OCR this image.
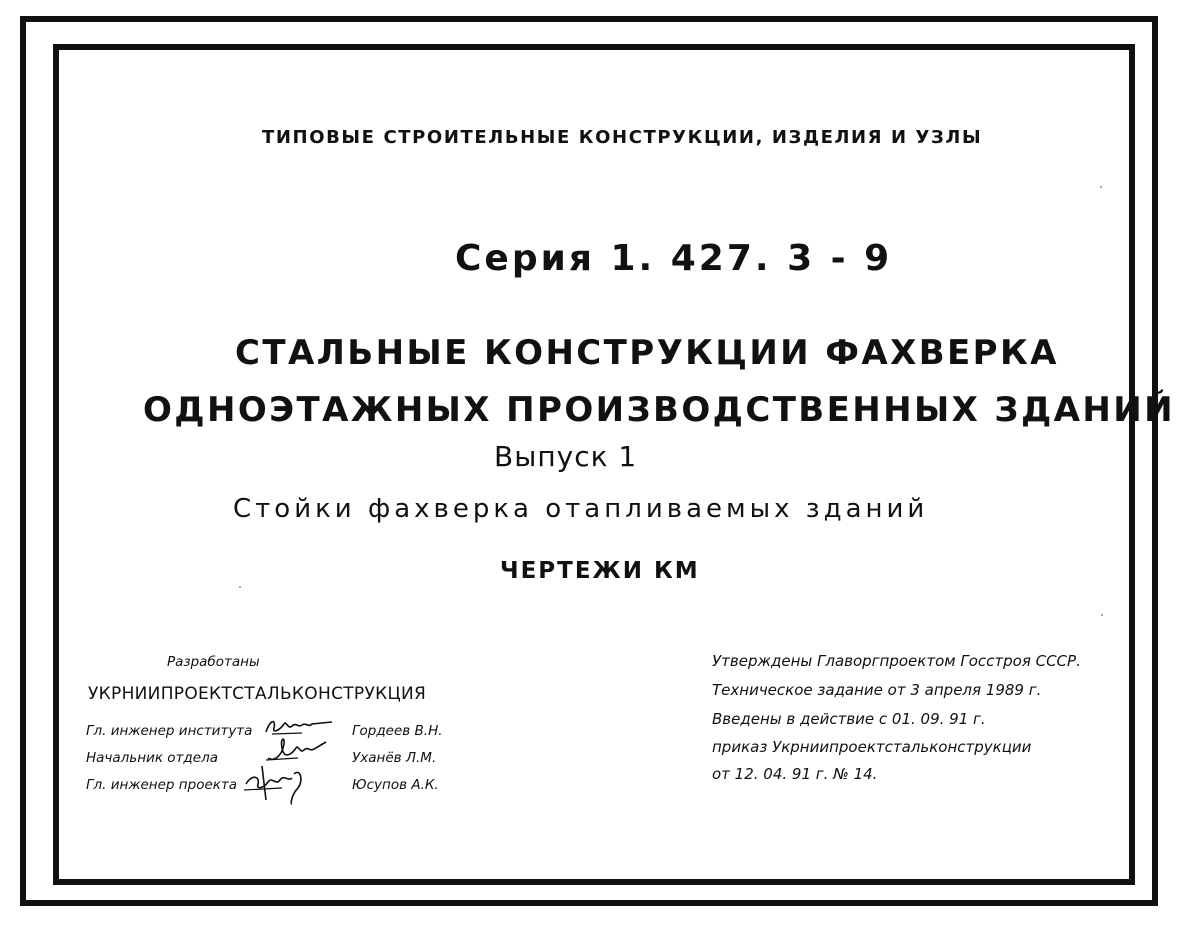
ТИПОВЫЕ СТРОИТЕЛЬНЫЕ КОНСТРУКЦИИ, ИЗДЕЛИЯ И УЗЛЫ
Серия 1. 427. 3 - 9
СТАЛЬНЫЕ КОНСТРУКЦИИ ФАХВЕРКА
ОДНОЭТАЖНЫХ ПРОИЗВОДСТВЕННЫХ ЗДАНИЙ
Выпуск 1
Стойки фахверка отапливаемых зданий
ЧЕРТЕЖИ КМ
Разработаны
УКРНИИПРОЕКТСТАЛЬКОНСТРУКЦИЯ
Гл. инженер института
Начальник отдела
Гл. инженер проекта
Гордеев В.Н.
Уханёв Л.М.
Юсупов А.К.
Утверждены Главоргпроектом Госстроя СССР.
Техническое задание от 3 апреля 1989 г.
Введены в действие с 01. 09. 91 г.
приказ Укрниипроектстальконструкции
от 12. 04. 91 г. № 14.
